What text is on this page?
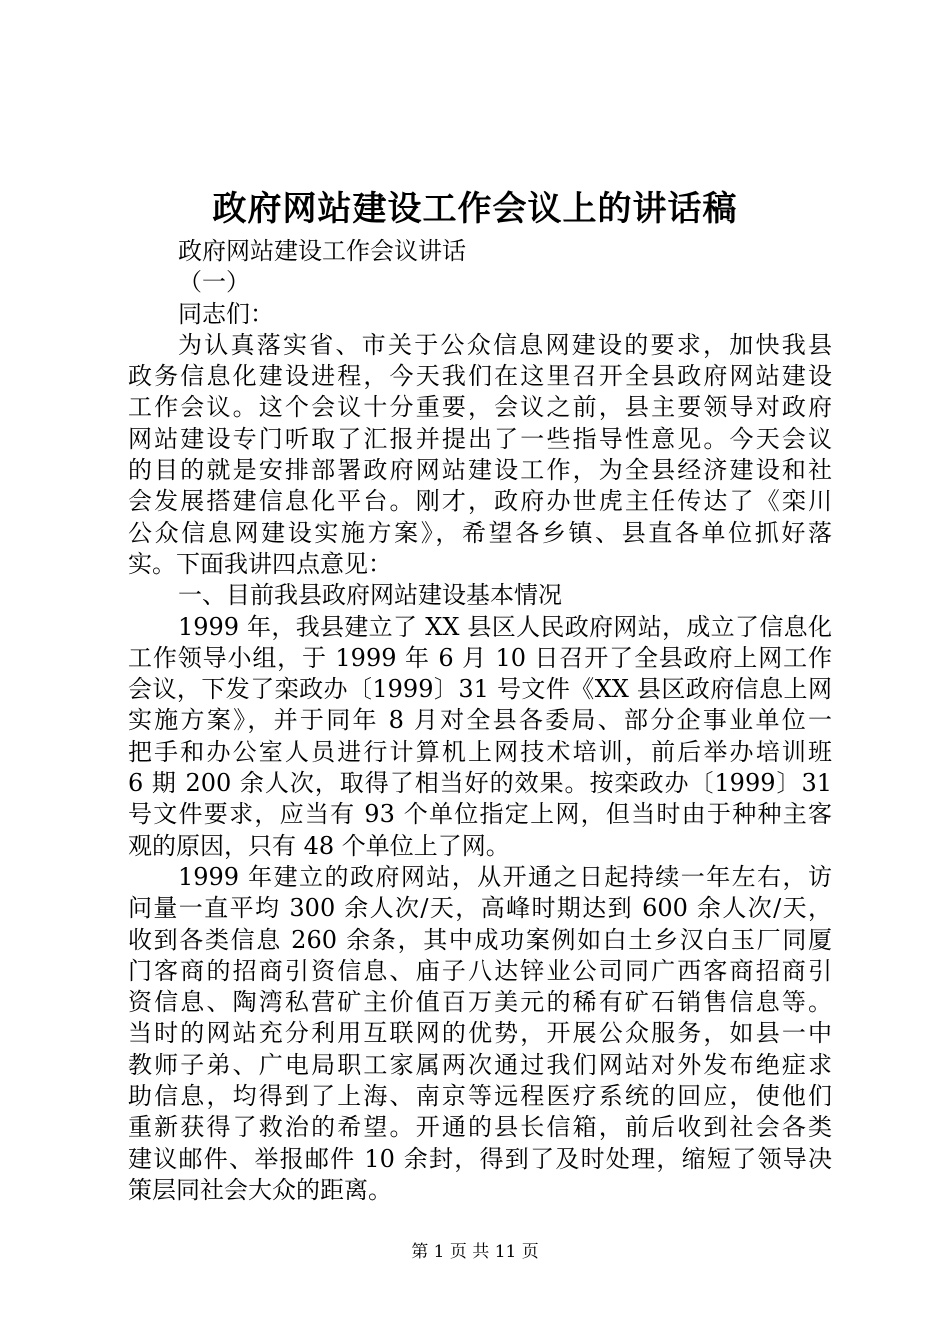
政府网站建设工作会议上的讲话稿
政府网站建设工作会议讲话
（一）
同志们：
为认真落实省、市关于公众信息网建设的要求，加快我县
政务信息化建设进程，今天我们在这里召开全县政府网站建设
工作会议。这个会议十分重要，会议之前，县主要领导对政府
网站建设专门听取了汇报并提出了一些指导性意见。今天会议
的目的就是安排部署政府网站建设工作，为全县经济建设和社
会发展搭建信息化平台。刚才，政府办世虎主任传达了《栾川
公众信息网建设实施方案》，希望各乡镇、县直各单位抓好落
实。下面我讲四点意见：
一、目前我县政府网站建设基本情况
1999 年，我县建立了 XX 县区人民政府网站，成立了信息化
工作领导小组，于 1999 年 6 月 10 日召开了全县政府上网工作
会议，下发了栾政办〔1999〕31 号文件《XX 县区政府信息上网
实施方案》，并于同年 8 月对全县各委局、部分企事业单位一
把手和办公室人员进行计算机上网技术培训，前后举办培训班
6 期 200 余人次，取得了相当好的效果。按栾政办〔1999〕31
号文件要求，应当有 93 个单位指定上网，但当时由于种种主客
观的原因，只有 48 个单位上了网。
1999 年建立的政府网站，从开通之日起持续一年左右，访
问量一直平均 300 余人次/天，高峰时期达到 600 余人次/天，
收到各类信息 260 余条，其中成功案例如白土乡汉白玉厂同厦
门客商的招商引资信息、庙子八达锌业公司同广西客商招商引
资信息、陶湾私营矿主价值百万美元的稀有矿石销售信息等。
当时的网站充分利用互联网的优势，开展公众服务，如县一中
教师子弟、广电局职工家属两次通过我们网站对外发布绝症求
助信息，均得到了上海、南京等远程医疗系统的回应，使他们
重新获得了救治的希望。开通的县长信箱，前后收到社会各类
建议邮件、举报邮件 10 余封，得到了及时处理，缩短了领导决
策层同社会大众的距离。
第 1 页 共 11 页
